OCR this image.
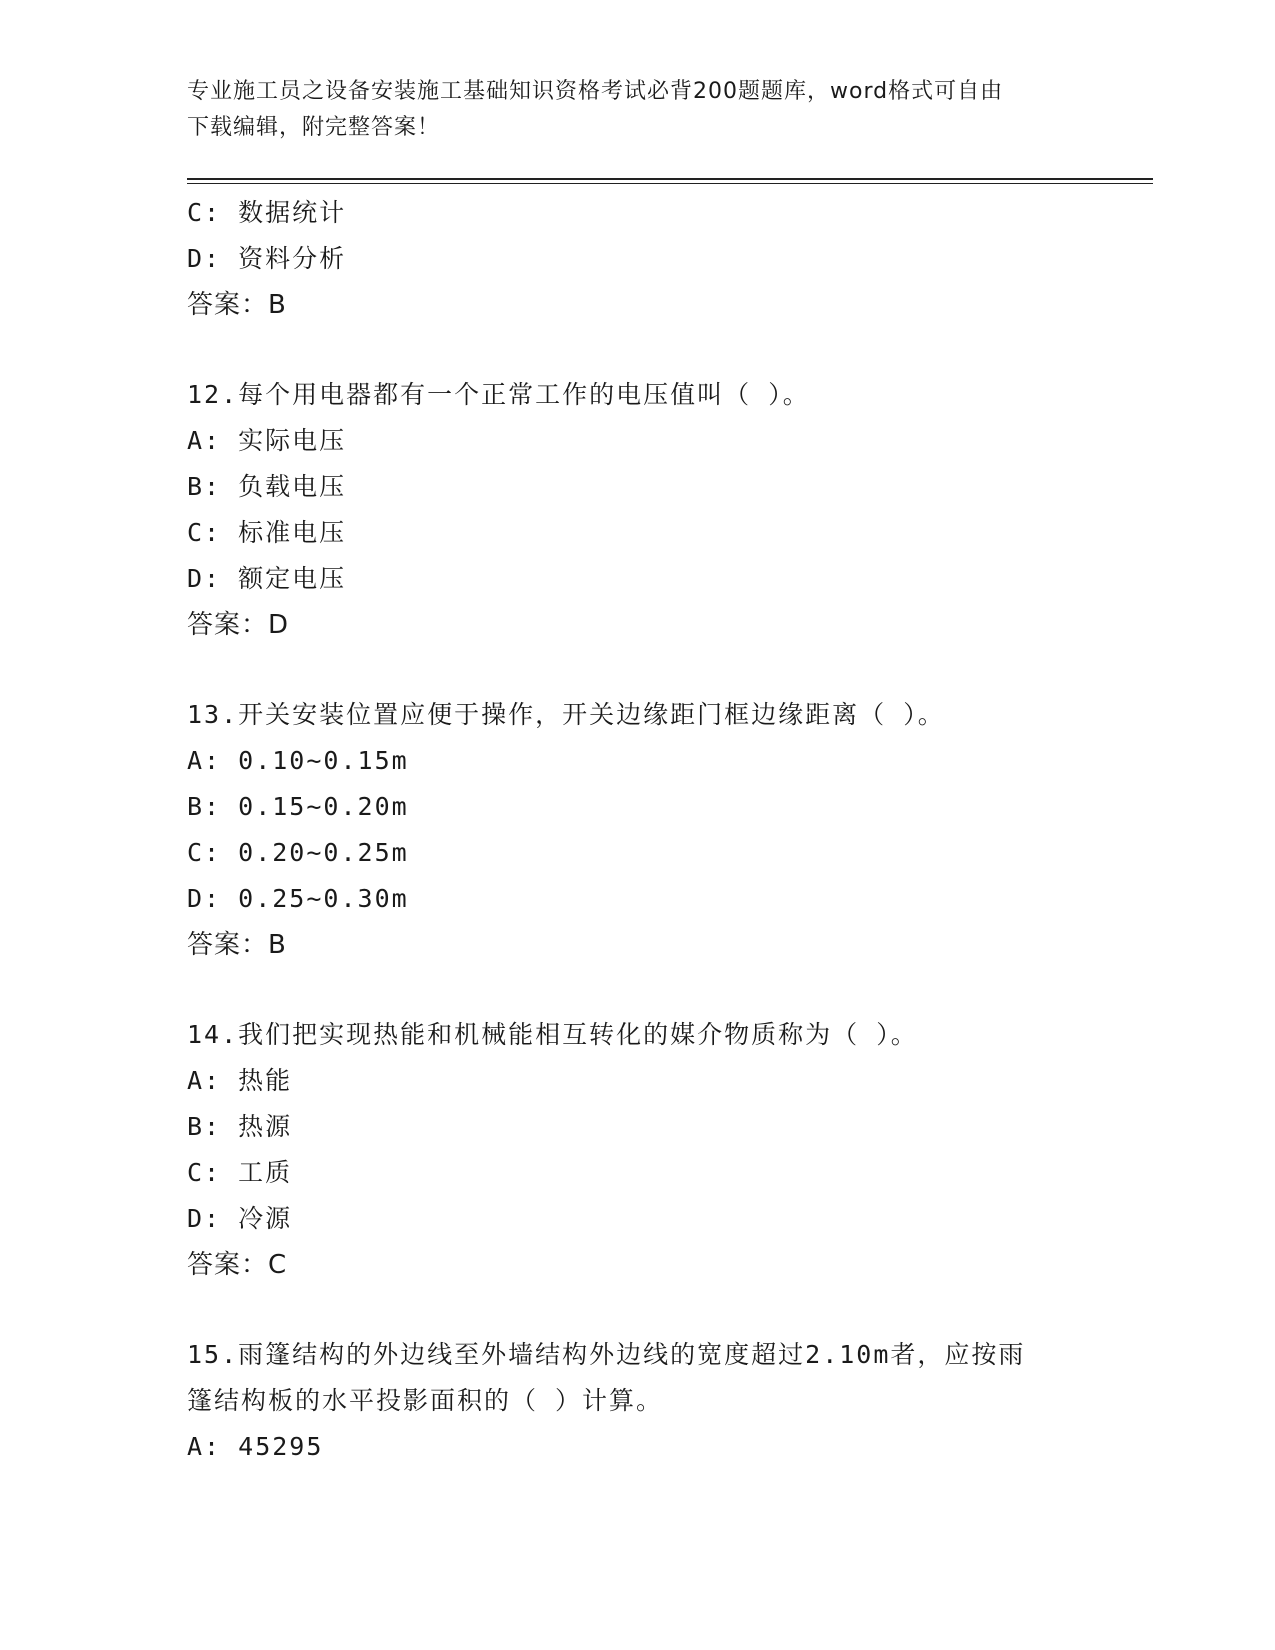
专业施工员之设备安装施工基础知识资格考试必背200题题库，word格式可自由
下载编辑，附完整答案！
C: 数据统计
D: 资料分析
答案：B
12.每个用电器都有一个正常工作的电压值叫（ ）。
A: 实际电压
B: 负载电压
C: 标准电压
D: 额定电压
答案：D
13.开关安装位置应便于操作，开关边缘距门框边缘距离（ ）。
A: 0.10~0.15m
B: 0.15~0.20m
C: 0.20~0.25m
D: 0.25~0.30m
答案：B
14.我们把实现热能和机械能相互转化的媒介物质称为（ ）。
A: 热能
B: 热源
C: 工质
D: 冷源
答案：C
15.雨篷结构的外边线至外墙结构外边线的宽度超过2.10m者，应按雨
篷结构板的水平投影面积的（ ）计算。
A: 45295
